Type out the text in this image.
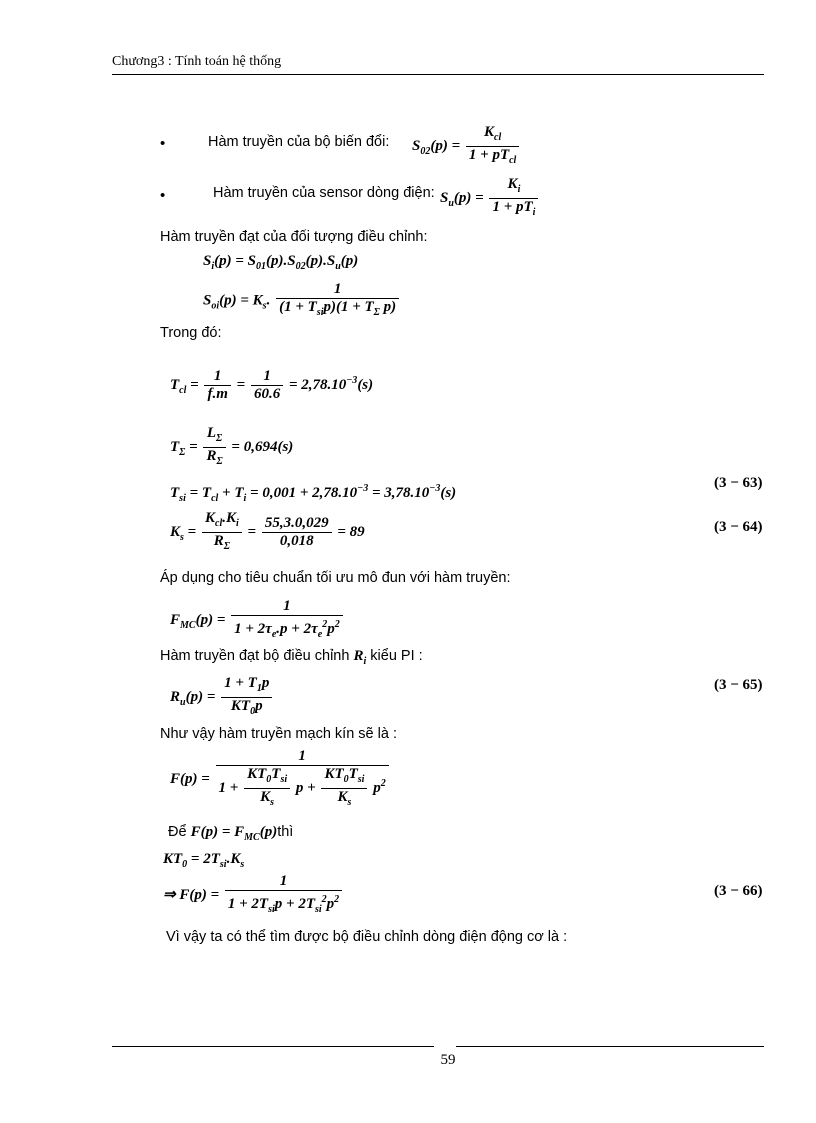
Chương3 : Tính toán hệ thống
•	Hàm truyền của bộ biến đổi: $S_{02}(p) = \frac{K_{cl}}{1 + pT_{cl}}$
•	Hàm truyền của sensor dòng điện: $S_u(p) = \frac{K_i}{1 + pT_i}$
Hàm truyền đạt của đối tượng điều chỉnh:
$S_i(p) = S_{01}(p).S_{02}(p).S_u(p)$
$S_{oi}(p) = K_s$. $\frac{1}{(1 + T_{si}p)(1 + T_\Sigma p)}$
Trong đó:
$T_{cl} = \frac{1}{f.m} = \frac{1}{60.6} = 2,78.10^{-3}(s)$
$T_\Sigma = \frac{L_\Sigma}{R_\Sigma} = 0,694(s)$
$T_{si} = T_{cl} + T_i = 0,001 + 2,78.10^{-3} = 3,78.10^{-3}(s)$
(3 − 63)
$K_s = \frac{K_{cl}.K_i}{R_\Sigma} = \frac{55,3.0,029}{0,018} = 89$	(3 − 64)
Áp dụng cho tiêu chuẩn tối ưu mô đun với hàm truyền:
$F_{MC}(p) = \frac{1}{1 + 2\tau_e.p + 2\tau_e^2p^2}$
Hàm truyền đạt bộ điều chỉnh $R_i$ kiểu PI :
$R_u(p) = \frac{1 + T_1p}{KT_0p}$	(3 − 65)
Như vậy hàm truyền mạch kín sẽ là :
$F(p) = \frac{1}{1 + \frac{KT_0T_{si}}{K_s} p + \frac{KT_0T_{si}}{K_s} p^2}$
Để $F(p) = F_{MC}(p)thì$
$KT_0 = 2T_{si}.K_s$
⇒ $F(p) = \frac{1}{1 + 2T_{si}p + 2T_{si}^2p^2}$	(3 − 66)
Vì vậy ta có thể tìm được bộ điều chỉnh dòng điện động cơ là :
59
